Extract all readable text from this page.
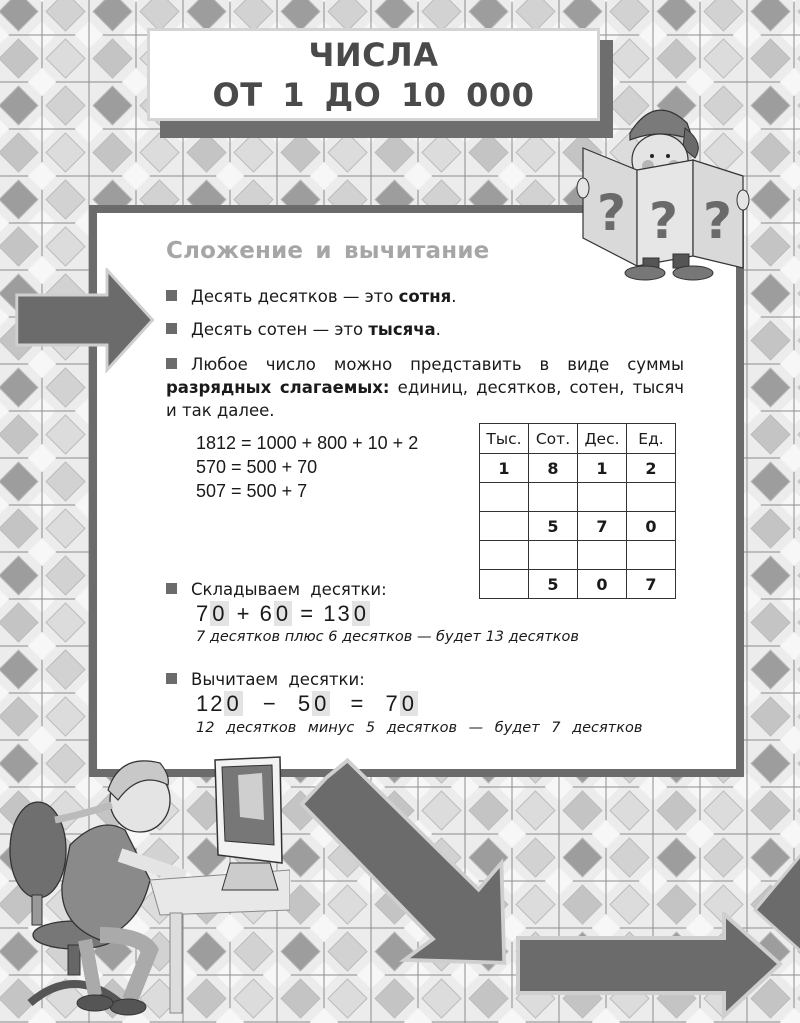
ЧИСЛА
ОТ 1 ДО 10 000
Сложение и вычитание
Десять десятков — это сотня.
Десять сотен — это тысяча.
Любое число можно представить в виде суммы разрядных слагаемых: единиц, десятков, сотен, тысяч и так далее.
1812 = 1000 + 800 + 10 + 2
570 = 500 + 70
507 = 500 + 7
Тыс.	Сот.	Дес.	Ед.
1	8	1	2

	5	7	0

	5	0	7
Складываем десятки:
70 + 60 = 130
7 десятков плюс 6 десятков — будет 13 десятков
Вычитаем десятки:
120 − 50 = 70
12 десятков минус 5 десятков — будет 7 десятков
? ? ?
